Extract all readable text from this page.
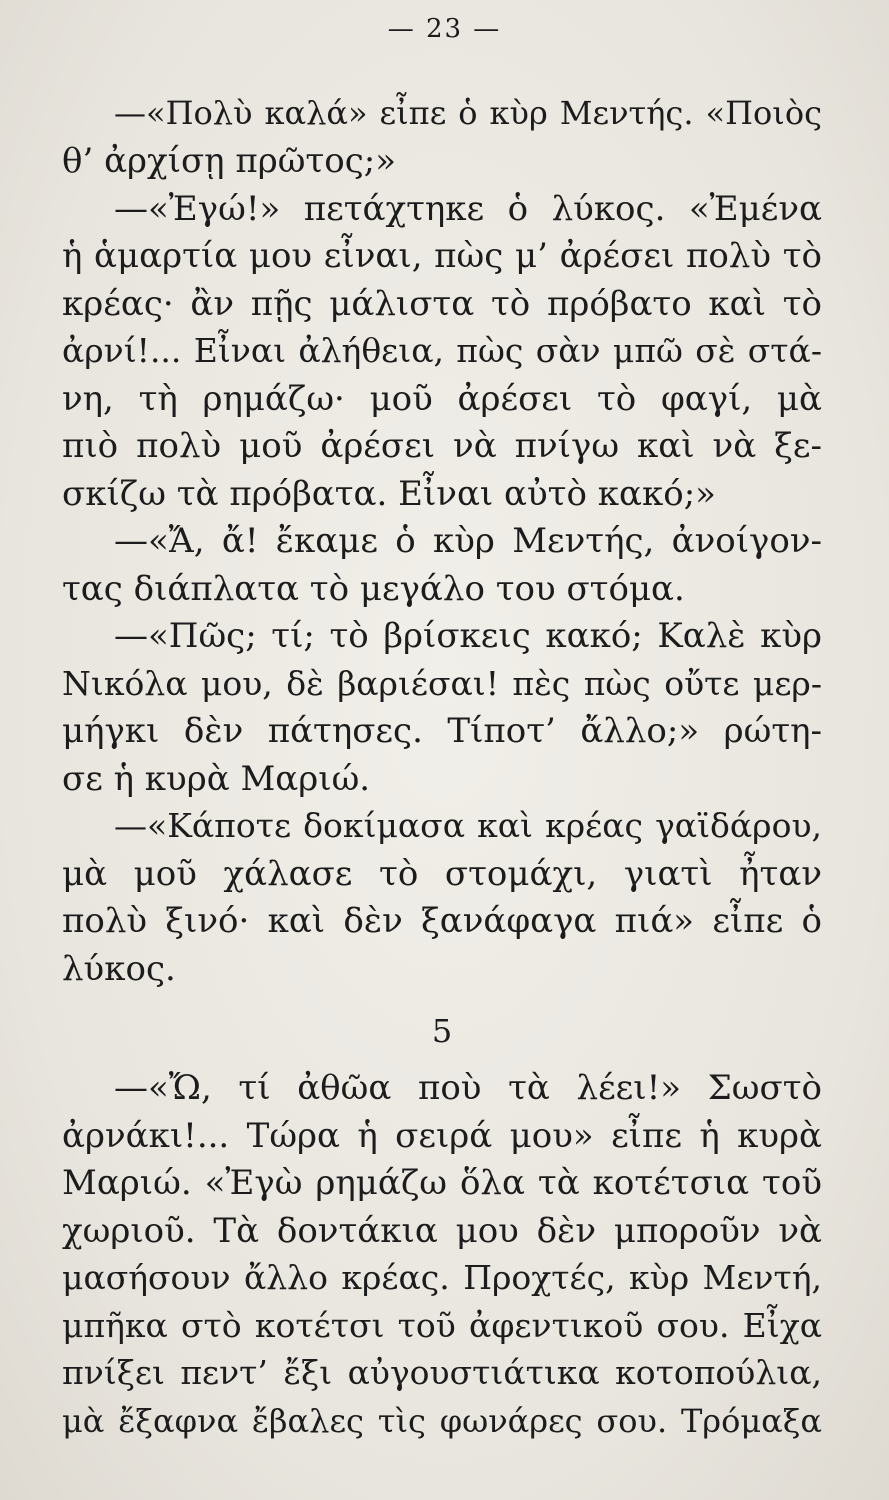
— 23 —
—«Πολὺ καλά» εἶπε ὁ κὺρ Μεντής. «Ποιὸς
θ’ ἀρχίσῃ πρῶτος;»
—«Ἐγώ!» πετάχτηκε ὁ λύκος. «Ἐμένα
ἡ ἁμαρτία μου εἶναι, πὼς μ’ ἀρέσει πολὺ τὸ
κρέας· ἂν πῇς μάλιστα τὸ πρόβατο καὶ τὸ
ἀρνί!... Εἶναι ἀλήθεια, πὼς σὰν μπῶ σὲ στά-
νη, τὴ ρημάζω· μοῦ ἀρέσει τὸ φαγί, μὰ
πιὸ πολὺ μοῦ ἀρέσει νὰ πνίγω καὶ νὰ ξε-
σκίζω τὰ πρόβατα. Εἶναι αὐτὸ κακό;»
—«Ἄ, ἄ! ἔκαμε ὁ κὺρ Μεντής, ἀνοίγον-
τας διάπλατα τὸ μεγάλο του στόμα.
—«Πῶς; τί; τὸ βρίσκεις κακό; Καλὲ κὺρ
Νικόλα μου, δὲ βαριέσαι! πὲς πὼς οὔτε μερ-
μήγκι δὲν πάτησες. Τίποτ’ ἄλλο;» ρώτη-
σε ἡ κυρὰ Μαριώ.
—«Κάποτε δοκίμασα καὶ κρέας γαϊδάρου,
μὰ μοῦ χάλασε τὸ στομάχι, γιατὶ ἦταν
πολὺ ξινό· καὶ δὲν ξανάφαγα πιά» εἶπε ὁ
λύκος.
5
—«Ὤ, τί ἀθῶα ποὺ τὰ λέει!» Σωστὸ
ἀρνάκι!... Τώρα ἡ σειρά μου» εἶπε ἡ κυρὰ
Μαριώ. «Ἐγὼ ρημάζω ὅλα τὰ κοτέτσια τοῦ
χωριοῦ. Τὰ δοντάκια μου δὲν μποροῦν νὰ
μασήσουν ἄλλο κρέας. Προχτές, κὺρ Μεντή,
μπῆκα στὸ κοτέτσι τοῦ ἀφεντικοῦ σου. Εἶχα
πνίξει πεντ’ ἔξι αὐγουστιάτικα κοτοπούλια,
μὰ ἔξαφνα ἔβαλες τὶς φωνάρες σου. Τρόμαξα
